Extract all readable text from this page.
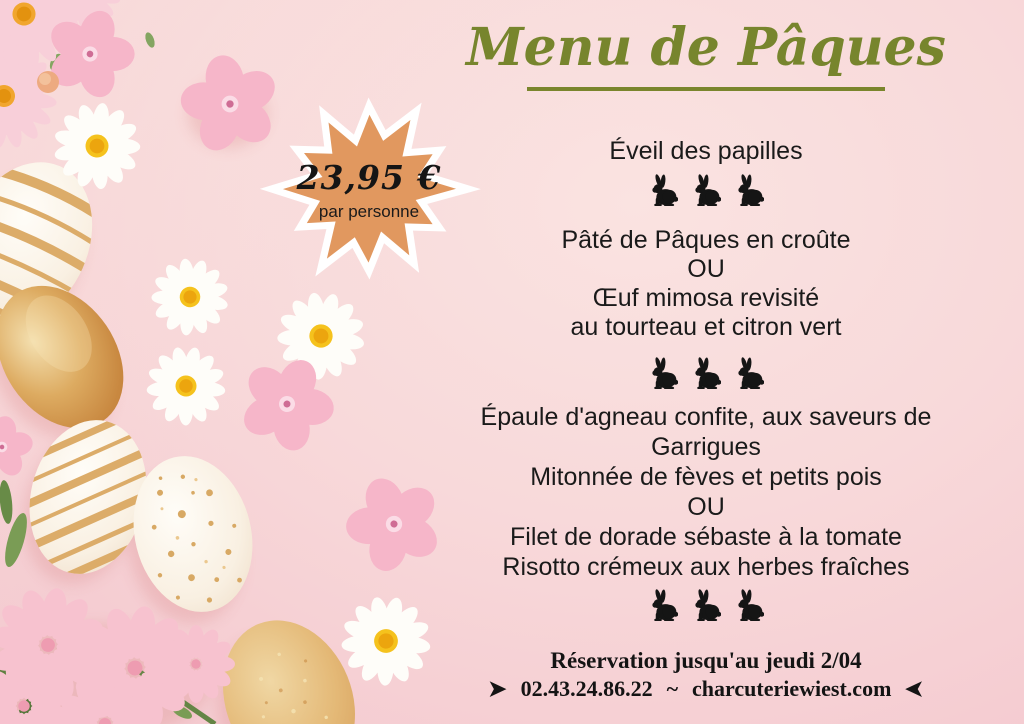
23,95 €
par personne
Menu de Pâques
Éveil des papilles
Pâté de Pâques en croûte
OU
Œuf mimosa revisité
au tourteau et citron vert
Épaule d'agneau confite, aux saveurs de
Garrigues
Mitonnée de fèves et petits pois
OU
Filet de dorade sébaste à la tomate
Risotto crémeux aux herbes fraîches
Réservation jusqu'au jeudi 2/04
➤ 02.43.24.86.22 ~ charcuteriewiest.com ➤
